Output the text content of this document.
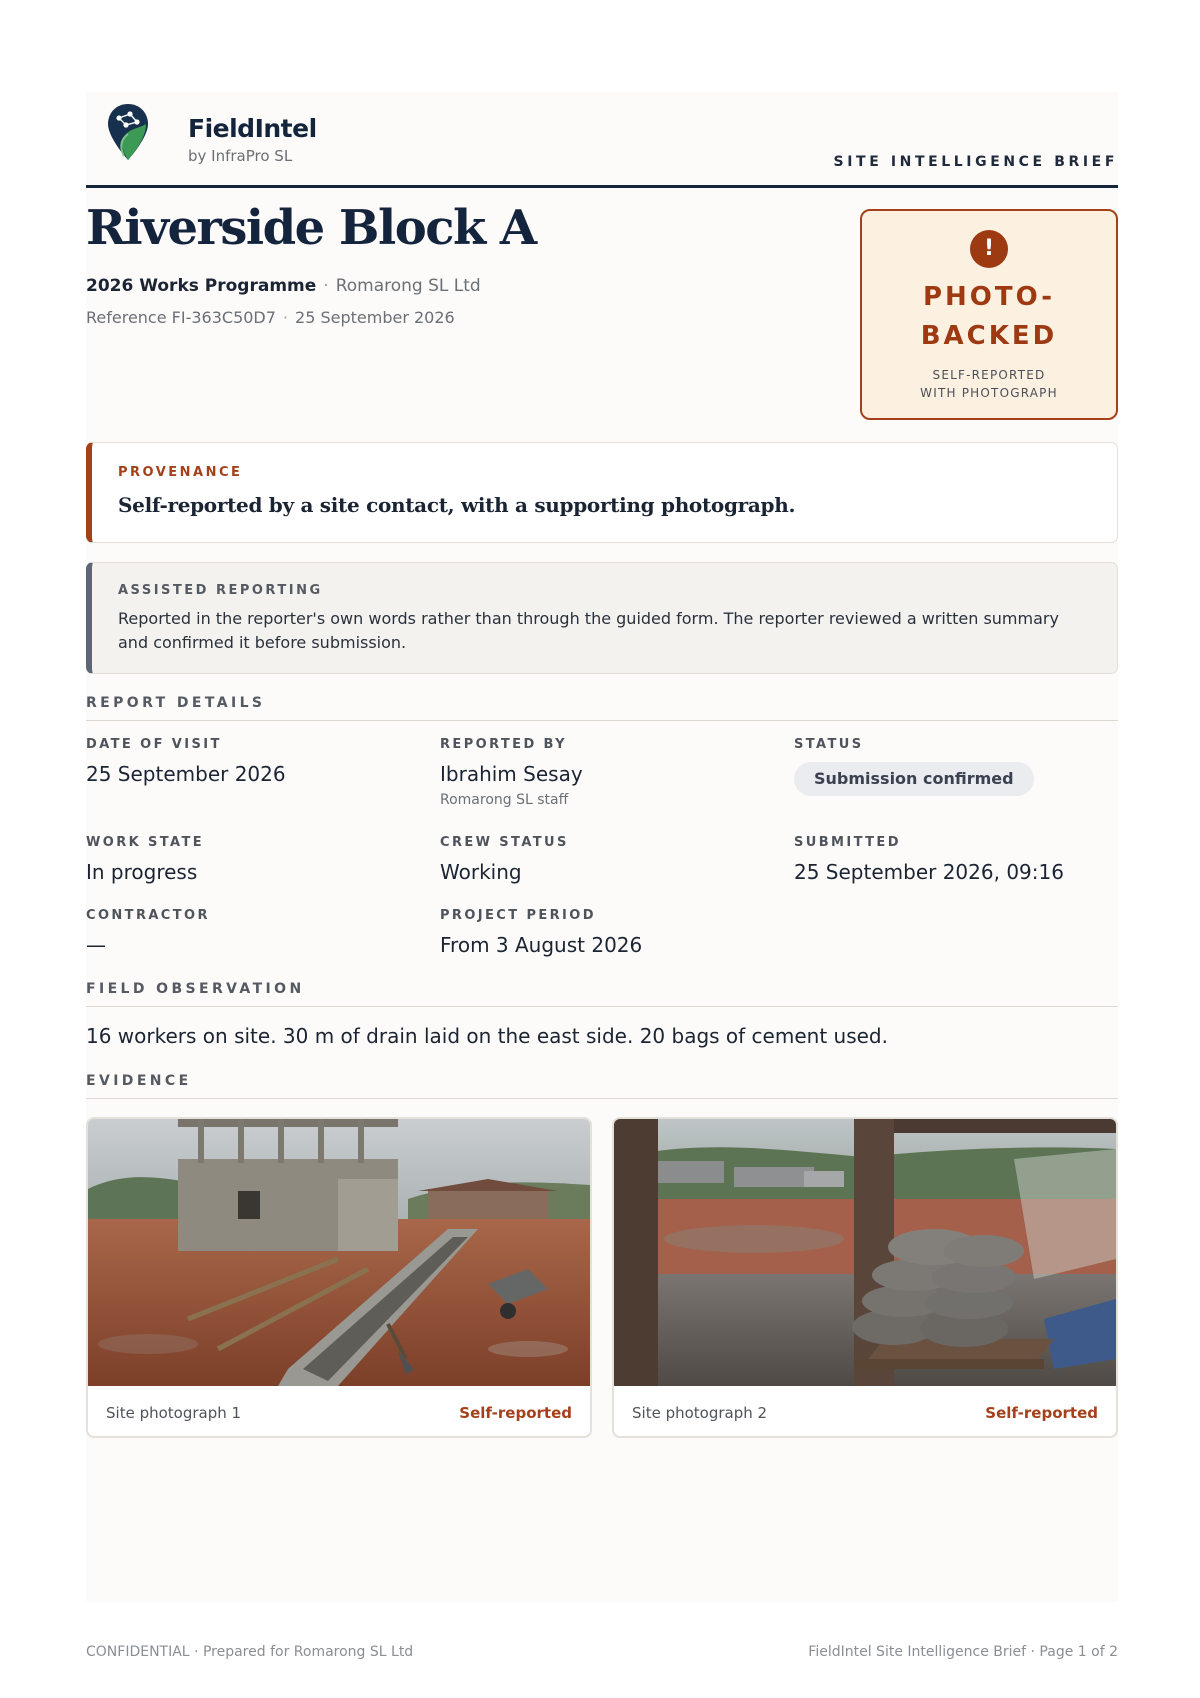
FieldIntel
by InfraPro SL	SITE INTELLIGENCE BRIEF
Riverside Block A
2026 Works Programme · Romarong SL Ltd
Reference FI-363C50D7 · 25 September 2026
!
PHOTO-
BACKED
SELF-REPORTED
WITH PHOTOGRAPH
PROVENANCE
Self-reported by a site contact, with a supporting photograph.
ASSISTED REPORTING
Reported in the reporter's own words rather than through the guided form. The reporter reviewed a written summary and confirmed it before submission.
REPORT DETAILS
DATE OF VISIT
25 September 2026
REPORTED BY
Ibrahim Sesay
Romarong SL staff
STATUS
Submission confirmed
WORK STATE
In progress
CREW STATUS
Working
SUBMITTED
25 September 2026, 09:16
CONTRACTOR
—
PROJECT PERIOD
From 3 August 2026
FIELD OBSERVATION
16 workers on site. 30 m of drain laid on the east side. 20 bags of cement used.
EVIDENCE
Site photograph 1	Self-reported	Site photograph 2	Self-reported
CONFIDENTIAL · Prepared for Romarong SL Ltd	FieldIntel Site Intelligence Brief · Page 1 of 2
